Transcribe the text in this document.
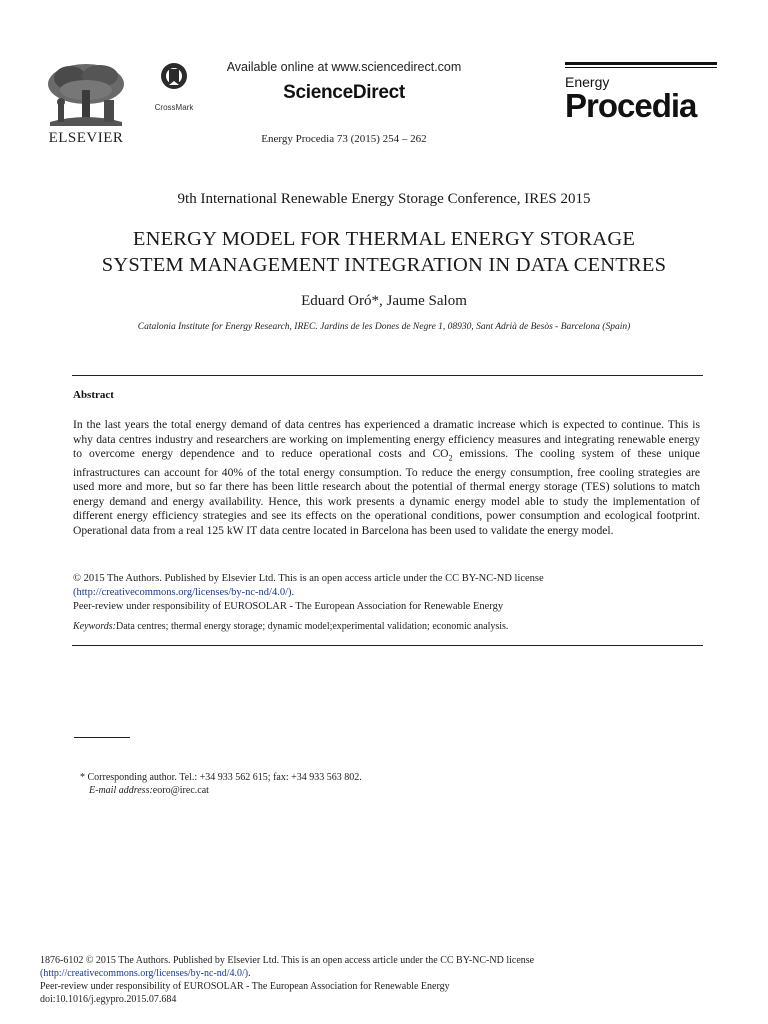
ELSEVIER
CrossMark
Available online at www.sciencedirect.com
ScienceDirect
Energy Procedia 73 (2015) 254 – 262
Energy
Procedia
9th International Renewable Energy Storage Conference, IRES 2015
ENERGY MODEL FOR THERMAL ENERGY STORAGE
SYSTEM MANAGEMENT INTEGRATION IN DATA CENTRES
Eduard Oró*, Jaume Salom
Catalonia Institute for Energy Research, IREC. Jardins de les Dones de Negre 1, 08930, Sant Adrià de Besòs - Barcelona (Spain)
Abstract
In the last years the total energy demand of data centres has experienced a dramatic increase which is expected to continue. This is why data centres industry and researchers are working on implementing energy efficiency measures and integrating renewable energy to overcome energy dependence and to reduce operational costs and $CO_2$ emissions. The cooling system of these unique infrastructures can account for 40% of the total energy consumption. To reduce the energy consumption, free cooling strategies are used more and more, but so far there has been little research about the potential of thermal energy storage (TES) solutions to match energy demand and energy availability. Hence, this work presents a dynamic energy model able to study the implementation of different energy efficiency strategies and see its effects on the operational conditions, power consumption and ecological footprint. Operational data from a real 125 kW IT data centre located in Barcelona has been used to validate the energy model.
© 2015 The Authors. Published by Elsevier Ltd. This is an open access article under the CC BY-NC-ND license
(http://creativecommons.org/licenses/by-nc-nd/4.0/).
Peer-review under responsibility of EUROSOLAR - The European Association for Renewable Energy
Keywords:Data centres; thermal energy storage; dynamic model;experimental validation; economic analysis.
* Corresponding author. Tel.: +34 933 562 615; fax: +34 933 563 802.
E-mail address:eoro@irec.cat
1876-6102 © 2015 The Authors. Published by Elsevier Ltd. This is an open access article under the CC BY-NC-ND license
(http://creativecommons.org/licenses/by-nc-nd/4.0/).
Peer-review under responsibility of EUROSOLAR - The European Association for Renewable Energy
doi:10.1016/j.egypro.2015.07.684
